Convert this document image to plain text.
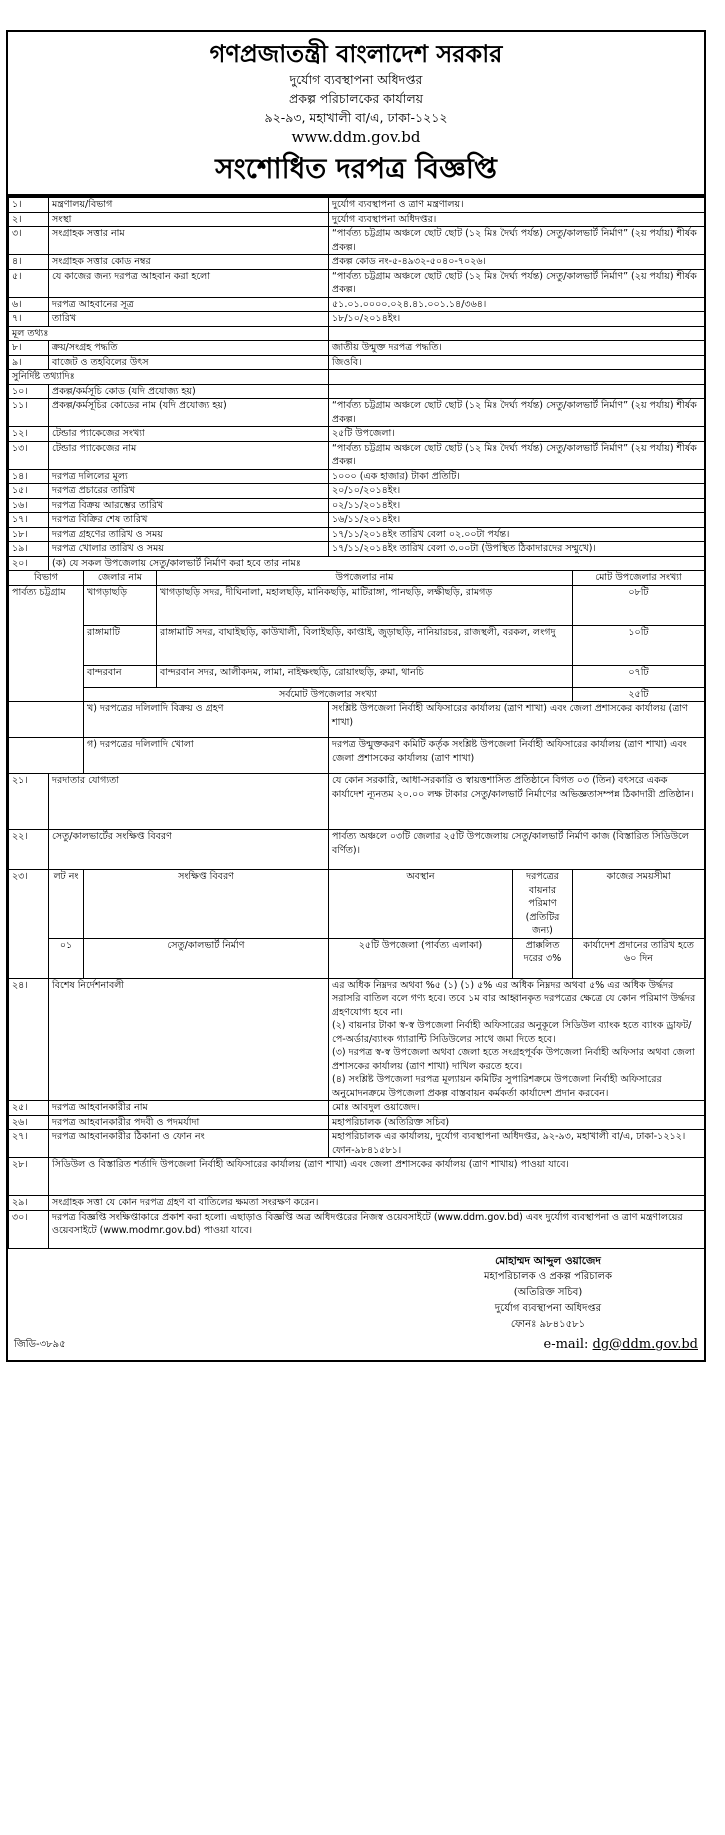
গণপ্রজাতন্ত্রী বাংলাদেশ সরকার
দুর্যোগ ব্যবস্থাপনা অধিদপ্তর
প্রকল্প পরিচালকের কার্যালয়
৯২-৯৩, মহাখালী বা/এ, ঢাকা-১২১২
www.ddm.gov.bd
সংশোধিত দরপত্র বিজ্ঞপ্তি
১।	মন্ত্রণালয়/বিভাগ			দুর্যোগ ব্যবস্থাপনা ও ত্রাণ মন্ত্রণালয়।		
২।	সংস্থা			দুর্যোগ ব্যবস্থাপনা অধিদপ্তর।		
৩।	সংগ্রাহক সত্তার নাম			“পার্বত্য চট্টগ্রাম অঞ্চলে ছোট ছোট (১২ মিঃ দৈর্ঘ্য পর্যন্ত) সেতু/কালভার্ট নির্মাণ” (২য় পর্যায়) শীর্ষক প্রকল্প।		
৪।	সংগ্রাহক সত্তার কোড নম্বর			প্রকল্প কোড নং-৫-৪৯৩২-৫০৪০-৭০২৬।		
৫।	যে কাজের জন্য দরপত্র আহবান করা হলো			“পার্বত্য চট্টগ্রাম অঞ্চলে ছোট ছোট (১২ মিঃ দৈর্ঘ্য পর্যন্ত) সেতু/কালভার্ট নির্মাণ” (২য় পর্যায়) শীর্ষক প্রকল্প।		
৬।	দরপত্র আহবানের সূত্র			৫১.০১.০০০০.০২৪.৪১.০০১.১৪/৩৬৪।		
৭।	তারিখ			১৮/১০/২০১৪ইং।		
মূল তথ্যঃ						
৮।	ক্রয়/সংগ্রহ পদ্ধতি			জাতীয় উন্মুক্ত দরপত্র পদ্ধতি।		
৯।	বাজেট ও তহবিলের উৎস			জিওবি।		
সুনির্দিষ্ট তথ্যাদিঃ						
১০।	প্রকল্প/কর্মসূচি কোড (যদি প্রযোজ্য হয়)					
১১।	প্রকল্প/কর্মসূচির কোডের নাম (যদি প্রযোজ্য হয়)			“পার্বত্য চট্টগ্রাম অঞ্চলে ছোট ছোট (১২ মিঃ দৈর্ঘ্য পর্যন্ত) সেতু/কালভার্ট নির্মাণ” (২য় পর্যায়) শীর্ষক প্রকল্প।		
১২।	টেন্ডার প্যাকেজের সংখ্যা			২৫টি উপজেলা।		
১৩।	টেন্ডার প্যাকেজের নাম			“পার্বত্য চট্টগ্রাম অঞ্চলে ছোট ছোট (১২ মিঃ দৈর্ঘ্য পর্যন্ত) সেতু/কালভার্ট নির্মাণ” (২য় পর্যায়) শীর্ষক প্রকল্প।		
১৪।	দরপত্র দলিলের মূল্য			১০০০ (এক হাজার) টাকা প্রতিটি।		
১৫।	দরপত্র প্রচারের তারিখ			২০/১০/২০১৪ইং।		
১৬।	দরপত্র বিক্রয় আরম্ভের তারিখ			০২/১১/২০১৪ইং।		
১৭।	দরপত্র বিক্রির শেষ তারিখ			১৬/১১/২০১৪ইং।		
১৮।	দরপত্র গ্রহণের তারিখ ও সময়			১৭/১১/২০১৪ইং তারিখ বেলা ০২.০০টা পর্যন্ত।		
১৯।	দরপত্র খোলার তারিখ ও সময়			১৭/১১/২০১৪ইং তারিখ বেলা ৩.০০টা (উপস্থিত ঠিকাদারদের সম্মুখে)।		
২০।	(ক) যে সকল উপজেলায় সেতু/কালভার্ট নির্মাণ করা হবে তার নামঃ					
বিভাগ		জেলার নাম	উপজেলার নাম			মোট উপজেলার সংখ্যা
পার্বত্য চট্টগ্রাম		খাগড়াছড়ি	খাগড়াছড়ি সদর, দীঘিনালা, মহালছড়ি, মানিকছড়ি, মাটিরাঙ্গা, পানছড়ি, লক্ষীছড়ি, রামগড়			০৮টি
		রাঙ্গামাটি	রাঙ্গামাটি সদর, বাঘাইছড়ি, কাউখালী, বিলাইছড়ি, কাপ্তাই, জুড়াছড়ি, নানিয়ারচর, রাজস্থলী, বরকল, লংগদু			১০টি
		বান্দরবান	বান্দরবান সদর, আলীকদম, লামা, নাইক্ষংছড়ি, রোয়াংছড়ি, রুমা, থানচি			০৭টি
		সর্বমোট উপজেলার সংখ্যা				২৫টি
		খ) দরপত্রের দলিলাদি বিক্রয় ও গ্রহণ		সংশ্লিষ্ট উপজেলা নির্বাহী অফিসারের কার্যালয় (ত্রাণ শাখা) এবং জেলা প্রশাসকের কার্যালয় (ত্রাণ শাখা)		
		গ) দরপত্রের দলিলাদি খোলা		দরপত্র উন্মুক্তকরণ কমিটি কর্তৃক সংশ্লিষ্ট উপজেলা নির্বাহী অফিসারের কার্যালয় (ত্রাণ শাখা) এবং জেলা প্রশাসকের কার্যালয় (ত্রাণ শাখা)		
২১।	দরদাতার যোগ্যতা			যে কোন সরকারি, আধা-সরকারি ও স্বায়ত্তশাসিত প্রতিষ্ঠানে বিগত ০৩ (তিন) বৎসরে একক কার্যাদেশ ন্যূনতম ২০.০০ লক্ষ টাকার সেতু/কালভার্ট নির্মাণের অভিজ্ঞতাসম্পন্ন ঠিকাদারী প্রতিষ্ঠান।		
২২।	সেতু/কালভার্টের সংক্ষিপ্ত বিবরণ			পার্বত্য অঞ্চলে ০৩টি জেলার ২৫টি উপজেলায় সেতু/কালভার্ট নির্মাণ কাজ (বিস্তারিত সিডিউলে বর্ণিত)।		
২৩।	লট নং	সংক্ষিপ্ত বিবরণ		অবস্থান	দরপত্রের বায়নার পরিমাণ (প্রতিটির জন্য)	কাজের সময়সীমা
	০১	সেতু/কালভার্ট নির্মাণ		২৫টি উপজেলা (পার্বত্য এলাকা)	প্রাক্কলিত দরের ৩%	কার্যাদেশ প্রদানের তারিখ হতে ৬০ দিন
২৪।	বিশেষ নির্দেশনাবলী			এর অধিক নিম্নদর অথবা %৫ (১) (১) ৫% এর অধিক নিম্নদর অথবা ৫% এর অধিক উর্দ্ধদর সরাসরি বাতিল বলে গণ্য হবে। তবে ১ম বার আহ্বানকৃত দরপত্রের ক্ষেত্রে যে কোন পরিমাণ উর্দ্ধদর গ্রহণযোগ্য হবে না।
(২) বায়নার টাকা স্ব-স্ব উপজেলা নির্বাহী অফিসারের অনুকূলে সিডিউল ব্যাংক হতে ব্যাংক ড্রাফট/পে-অর্ডার/ব্যাংক গ্যারান্টি সিডিউলের সাথে জমা দিতে হবে।
(৩) দরপত্র স্ব-স্ব উপজেলা অথবা জেলা হতে সংগ্রহপূর্বক উপজেলা নির্বাহী অফিসার অথবা জেলা প্রশাসকের কার্যালয় (ত্রাণ শাখা) দাখিল করতে হবে।
(৪) সংশ্লিষ্ট উপজেলা দরপত্র মূল্যায়ন কমিটির সুপারিশক্রমে উপজেলা নির্বাহী অফিসারের অনুমোদনক্রমে উপজেলা প্রকল্প বাস্তবায়ন কর্মকর্তা কার্যাদেশ প্রদান করবেন।		

২৫।	দরপত্র আহবানকারীর নাম			মোঃ আবদুল ওয়াজেদ।		
২৬।	দরপত্র আহবানকারীর পদবী ও পদমর্যাদা			মহাপরিচালক (অতিরিক্ত সচিব)		
২৭।	দরপত্র আহবানকারীর ঠিকানা ও ফোন নং			মহাপরিচালক এর কার্যালয়, দুর্যোগ ব্যবস্থাপনা অধিদপ্তর, ৯২-৯৩, মহাখালী বা/এ, ঢাকা-১২১২। ফোন-৯৮৪১৫৮১।		
২৮।	সিডিউল ও বিস্তারিত শর্তাদি উপজেলা নির্বাহী অফিসারের কার্যালয় (ত্রাণ শাখা) এবং জেলা প্রশাসকের কার্যালয় (ত্রাণ শাখায়) পাওয়া যাবে।					
২৯।	সংগ্রাহক সত্তা যে কোন দরপত্র গ্রহণ বা বাতিলের ক্ষমতা সংরক্ষণ করেন।					
৩০।	দরপত্র বিজ্ঞপ্তি সংক্ষিপ্তাকারে প্রকাশ করা হলো। এছাড়াও বিজ্ঞপ্তি অত্র অধিদপ্তরের নিজস্ব ওয়েবসাইটে (www.ddm.gov.bd) এবং দুর্যোগ ব্যবস্থাপনা ও ত্রাণ মন্ত্রণালয়ের ওয়েবসাইটে (www.modmr.gov.bd) পাওয়া যাবে।					
মোহাম্মদ আব্দুল ওয়াজেদ
মহাপরিচালক ও প্রকল্প পরিচালক
(অতিরিক্ত সচিব)
দুর্যোগ ব্যবস্থাপনা অধিদপ্তর
ফোনঃ ৯৮৪১৫৮১
জিডি-৩৮৯৫	e-mail: dg@ddm.gov.bd
